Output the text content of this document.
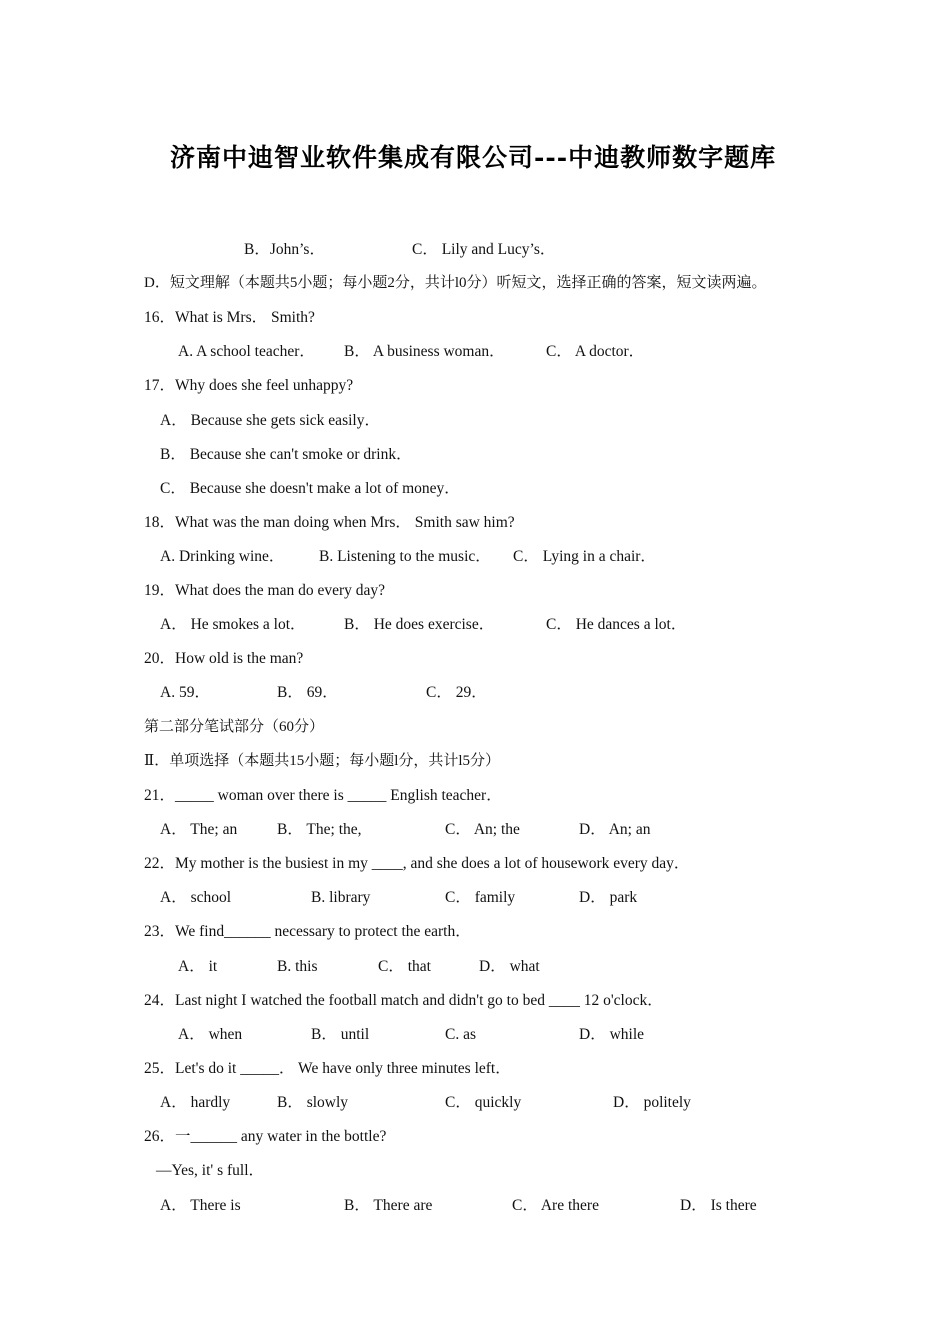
济南中迪智业软件集成有限公司---中迪教师数字题库
B．John’s．	C． Lily and Lucy’s．
D．短文理解（本题共5小题；每小题2分，共计l0分）听短文，选择正确的答案，短文读两遍。
16．What is Mrs． Smith?
A. A school teacher． B． A business woman．	C． A doctor．
17．Why does she feel unhappy?
A． Because she gets sick easily．
B． Because she can't smoke or drink．
C． Because she doesn't make a lot of money．
18．What was the man doing when Mrs． Smith saw him?
A. Drinking wine． B. Listening to the music． C． Lying in a chair．
19．What does the man do every day?
A． He smokes a lot． B． He does exercise．	C． He dances a lot．
20．How old is the man?
A. 59．	B． 69．	C． 29．
第二部分笔试部分（60分）
Ⅱ．单项选择（本题共15小题；每小题l分，共计l5分）
21．_____ woman over there is _____ English teacher．
A． The; an	B． The; the,	C． An; the	D． An; an
22．My mother is the busiest in my ____, and she does a lot of housework every day．
A． school	B. library	C． family	D． park
23．We find______ necessary to protect the earth．
A． it	B. this	C． that	D． what
24．Last night I watched the football match and didn't go to bed ____ 12 o'clock．
A． when	B． until	C. as	D． while
25．Let's do it _____． We have only three minutes left．
A． hardly	B． slowly	C． quickly	D． politely
26．一______ any water in the bottle?
—Yes, it' s full．
A． There is	B． There are	C． Are there	D． Is there
